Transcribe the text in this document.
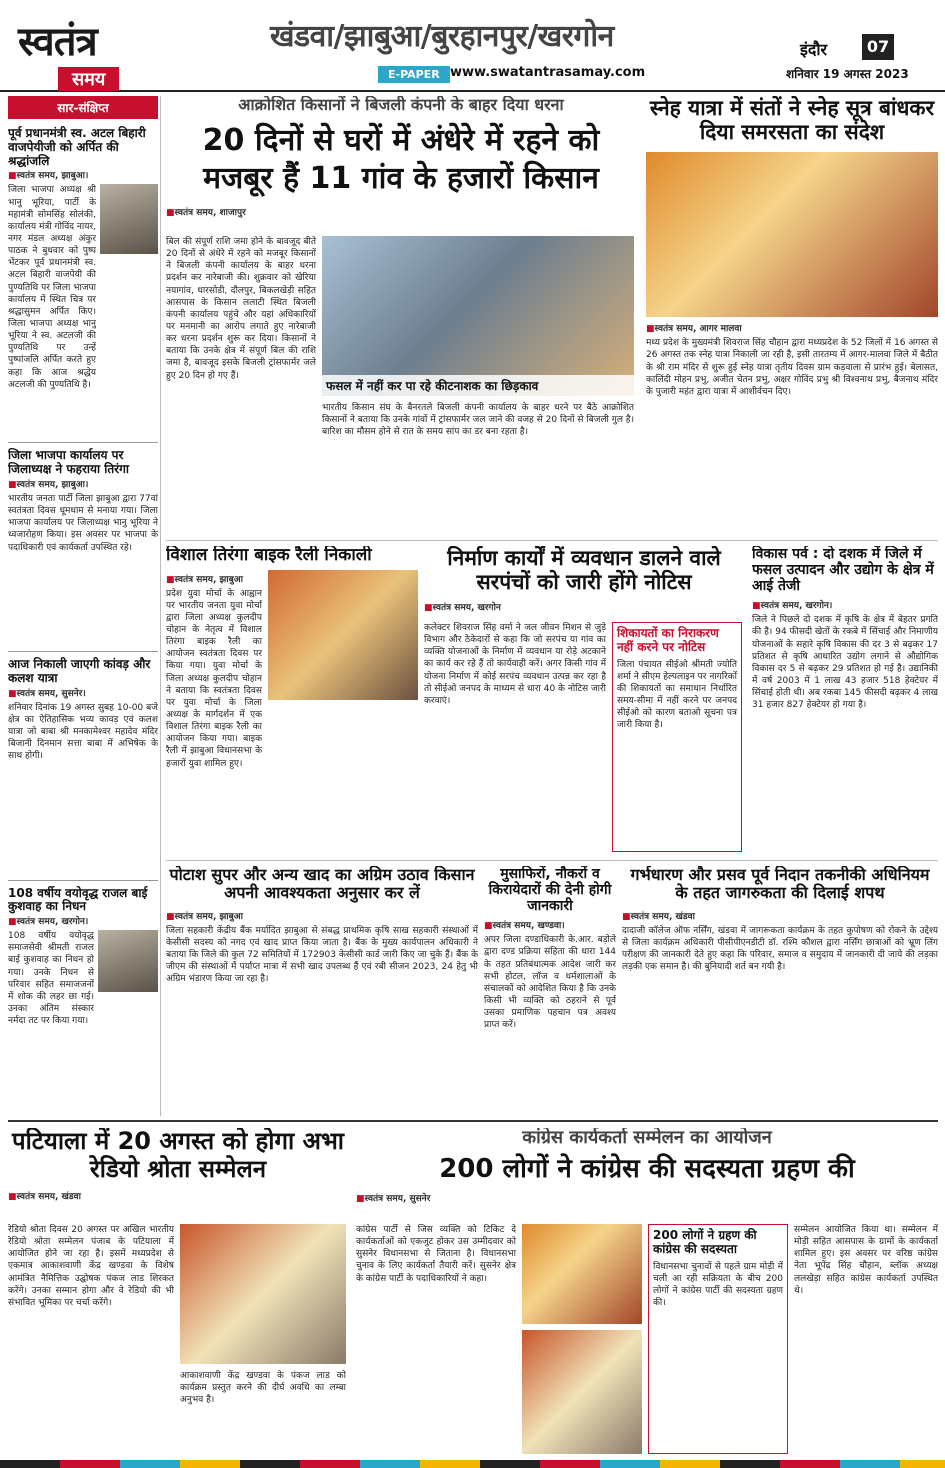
स्वतंत्र
समय
खंडवा/झाबुआ/बुरहानपुर/खरगोन
E-PAPER www.swatantrasamay.com
इंदौर	07
शनिवार 19 अगस्त 2023
सार-संक्षिप्त
पूर्व प्रधानमंत्री स्व. अटल बिहारी वाजपेयीजी को अर्पित की श्रद्धांजलि
■ स्वतंत्र समय, झाबुआ।
जिला भाजपा अध्यक्ष श्री भानु भूरिया, पार्टी के महामंत्री सोमसिंह सोलंकी, कार्यालय मंत्री गोविंद नायर, नगर मंडल अध्यक्ष अंकुर पाठक ने बुधवार को पुष्प भेंटकर पूर्व प्रधानमंत्री स्व. अटल बिहारी वाजपेयी की पुण्यतिथि पर जिला भाजपा कार्यालय में स्थित चित्र पर श्रद्धासुमन अर्पित किए। जिला भाजपा अध्यक्ष भानु भूरिया ने स्व. अटलजी की पुण्यतिथि पर उन्हें पुष्पांजलि अर्पित करते हुए कहा कि आज श्रद्धेय अटलजी की पुण्यतिथि है।
जिला भाजपा कार्यालय पर जिलाध्यक्ष ने फहराया तिरंगा
■ स्वतंत्र समय, झाबुआ।
भारतीय जनता पार्टी जिला झाबुआ द्वारा 77वां स्वतंत्रता दिवस धूमधाम से मनाया गया। जिला भाजपा कार्यालय पर जिलाध्यक्ष भानु भूरिया ने ध्वजारोहण किया। इस अवसर पर भाजपा के पदाधिकारी एवं कार्यकर्ता उपस्थित रहे।
आज निकाली जाएगी कांवड़ और कलश यात्रा
■ स्वतंत्र समय, सुसनेर।
शनिवार दिनांक 19 अगस्त सुबह 10-00 बजे क्षेत्र का ऐतिहासिक भव्य कावड़ एवं कलश यात्रा जो बाबा श्री मनकामेश्वर महादेव मंदिर बिजानी दिनमान सत्ता बाबा में अभिषेक के साथ होगी।
108 वर्षीय वयोवृद्ध राजल बाई कुशवाह का निधन
■ स्वतंत्र समय, खरगोन।
108 वर्षीय वयोवृद्ध समाजसेवी श्रीमती राजल बाई कुशवाह का निधन हो गया। उनके निधन से परिवार सहित समाजजनों में शोक की लहर छा गई। उनका अंतिम संस्कार नर्मदा तट पर किया गया।
आक्रोशित किसानों ने बिजली कंपनी के बाहर दिया धरना
20 दिनों से घरों में अंधेरे में रहने को मजबूर हैं 11 गांव के हजारों किसान
■ स्वतंत्र समय, शाजापुर
बिल की संपूर्ण राशि जमा होने के बावजूद बीते 20 दिनों से अंधेरे में रहने को मजबूर किसानों ने बिजली कंपनी कार्यालय के बाहर धरना प्रदर्शन कर नारेबाजी की। शुक्रवार को खेरिया नयागांव, धारसोडी, दौलपुर, बिकलखेड़ी सहित आसपास के किसान ललाटी स्थित बिजली कंपनी कार्यालय पहुंचे और यहां अधिकारियों पर मनमानी का आरोप लगाते हुए नारेबाजी कर धरना प्रदर्शन शुरू कर दिया। किसानों ने बताया कि उनके क्षेत्र में संपूर्ण बिल की राशि जमा है, बावजूद इसके बिजली ट्रांसफार्मर जले हुए 20 दिन हो गए हैं।
फसल में नहीं कर पा रहे कीटनाशक का छिड़काव
भारतीय किसान संघ के बैनरतले बिजली कंपनी कार्यालय के बाहर धरने पर बैठे आक्रोशित किसानों ने बताया कि उनके गांवों में ट्रांसफार्मर जल जाने की वजह से 20 दिनों से बिजली गुल है। बारिश का मौसम होने से रात के समय सांप का डर बना रहता है।
स्नेह यात्रा में संतों ने स्नेह सूत्र बांधकर दिया समरसता का संदेश
■ स्वतंत्र समय, आगर मालवा
मध्य प्रदेश के मुख्यमंत्री शिवराज सिंह चौहान द्वारा मध्यप्रदेश के 52 जिलों में 16 अगस्त से 26 अगस्त तक स्नेह यात्रा निकाली जा रही है, इसी तारतम्य में आगर-मालवा जिले में बैठीत के श्री राम मंदिर से शुरू हुई स्नेह यात्रा तृतीय दिवस ग्राम कड़वाला से प्रारंभ हुई। बेलासत, कालिंदी मोहन प्रभु, अजीत चेतन प्रभु, अक्षर गोविंद प्रभु श्री विश्वनाथ प्रभु, बैजनाथ मंदिर के पुजारी महंत द्वारा यात्रा में आशीर्वचन दिए।
विशाल तिरंगा बाइक रैली निकाली
■ स्वतंत्र समय, झाबुआ
प्रदेश युवा मोर्चा के आह्वान पर भारतीय जनता युवा मोर्चा द्वारा जिला अध्यक्ष कुलदीप चोहान के नेतृत्व में विशाल तिरंगा बाइक रैली का आयोजन स्वतंत्रता दिवस पर किया गया। युवा मोर्चा के जिला अध्यक्ष कुलदीप चोहान ने बताया कि स्वतंत्रता दिवस पर युवा मोर्चा के जिला अध्यक्ष के मार्गदर्शन में एक विशाल तिरंगा बाइक रैली का आयोजन किया गया। बाइक रैली में झाबुआ विधानसभा के हजारों युवा शामिल हुए।
निर्माण कार्यों में व्यवधान डालने वाले सरपंचों को जारी होंगे नोटिस
■ स्वतंत्र समय, खरगोन
कलेक्टर शिवराज सिंह वर्मा ने जल जीवन मिशन से जुड़े विभाग और ठेकेदारों से कहा कि जो सरपंच या गांव का व्यक्ति योजनाओं के निर्माण में व्यवधान या रोड़े अटकाने का कार्य कर रहे हैं तो कार्यवाही करें। अगर किसी गांव में योजना निर्माण में कोई सरपंच व्यवधान उत्पन्न कर रहा है तो सीईओ जनपद के माध्यम से धारा 40 के नोटिस जारी करवाएं।
शिकायतों का निराकरण नहीं करने पर नोटिस
जिला पंचायत सीईओ श्रीमती ज्योति शर्मा ने सीएम हेल्पलाइन पर नागरिकों की शिकायतों का समाधान निर्धारित समय-सीमा में नहीं करने पर जनपद सीईओ को कारण बताओ सूचना पत्र जारी किया है।
विकास पर्व : दो दशक में जिले में फसल उत्पादन और उद्योग के क्षेत्र में आई तेजी
■ स्वतंत्र समय, खरगोन।
जिले ने पिछले दो दशक में कृषि के क्षेत्र में बेहतर प्रगति की है। 94 फीसदी खेतों के रकबे में सिंचाई और निमाणीय योजनाओं के सहारे कृषि विकास की दर 3 से बढ़कर 17 प्रतिशत से कृषि आधारित उद्योग लगाने से औद्योगिक विकास दर 5 से बढ़कर 29 प्रतिशत हो गई है। उद्यानिकी में वर्ष 2003 में 1 लाख 43 हजार 518 हेक्टेयर में सिंचाई होती थी। अब रकबा 145 फीसदी बढ़कर 4 लाख 31 हजार 827 हेक्टेयर हो गया है।
पोटाश सुपर और अन्य खाद का अग्रिम उठाव किसान अपनी आवश्यकता अनुसार कर लें
■ स्वतंत्र समय, झाबुआ
जिला सहकारी केंद्रीय बैंक मर्यादित झाबुआ से संबद्ध प्राथमिक कृषि साख सहकारी संस्थाओं में केसीसी सदस्य को नगद एवं खाद प्राप्त किया जाता है। बैंक के मुख्य कार्यपालन अधिकारी ने बताया कि जिले की कुल 72 समितियों में 172903 केसीसी कार्ड जारी किए जा चुके हैं। बैंक के जीएम की संस्थाओं में पर्याप्त मात्रा में सभी खाद उपलब्ध हैं एवं रबी सीजन 2023, 24 हेतु भी अग्रिम भंडारण किया जा रहा है।
मुसाफिरों, नौकरों व किरायेदारों की देनी होगी जानकारी
■ स्वतंत्र समय, खण्डवा।
अपर जिला दण्डाधिकारी के.आर. बड़ोले द्वारा दण्ड प्रक्रिया संहिता की धारा 144 के तहत प्रतिबंधात्मक आदेश जारी कर सभी होटल, लॉज व धर्मशालाओं के संचालकों को आदेशित किया है कि उनके किसी भी व्यक्ति को ठहराने से पूर्व उसका प्रमाणिक पहचान पत्र अवश्य प्राप्त करें।
गर्भधारण और प्रसव पूर्व निदान तकनीकी अधिनियम के तहत जागरुकता की दिलाई शपथ
■ स्वतंत्र समय, खंडवा
दादाजी कॉलेज ऑफ नर्सिंग, खंडवा में जागरूकता कार्यक्रम के तहत कुपोषण को रोकने के उद्देश्य से जिला कार्यक्रम अधिकारी पीसीपीएनडीटी डॉ. रश्मि कौशल द्वारा नर्सिंग छात्राओं को भ्रूण लिंग परीक्षण की जानकारी देते हुए कहा कि परिवार, समाज व समुदाय में जानकारी दी जाये की लड़का लड़की एक समान है। की बुनियादी शर्त बन गयी है।
पटियाला में 20 अगस्त को होगा अभा रेडियो श्रोता सम्मेलन
■ स्वतंत्र समय, खंडवा
रेडियो श्रोता दिवस 20 अगस्त पर अखिल भारतीय रेडियो श्रोता सम्मेलन पंजाब के पटियाला में आयोजित होने जा रहा है। इसमें मध्यप्रदेश से एकमात्र आकाशवाणी केंद्र खण्डवा के विशेष आमंत्रित नैमित्तिक उद्घोषक पंकज लाड शिरकत करेंगे। उनका सम्मान होगा और वे रेडियो की भी संभावित भूमिका पर चर्चा करेंगे।
आकाशवाणी केंद्र खण्डवा के पंकज लाड को कार्यक्रम प्रस्तुत करने की दीर्घ अवधि का लम्बा अनुभव है।
कांग्रेस कार्यकर्ता सम्मेलन का आयोजन
200 लोगों ने कांग्रेस की सदस्यता ग्रहण की
■ स्वतंत्र समय, सुसनेर
कांग्रेस पार्टी से जिस व्यक्ति को टिकिट दे कार्यकर्ताओं को एकजुट होकर उस उम्मीदवार को सुसनेर विधानसभा से जिताना है। विधानसभा चुनाव के लिए कार्यकर्ता तैयारी करें। सुसनेर क्षेत्र के कांग्रेस पार्टी के पदाधिकारियों ने कहा।
200 लोगों ने ग्रहण की कांग्रेस की सदस्यता
विधानसभा चुनावों से पहले ग्राम मोड़ी में चली आ रही सक्रियता के बीच 200 लोगों ने कांग्रेस पार्टी की सदस्यता ग्रहण की।
सम्मेलन आयोजित किया था। सम्मेलन में मोड़ी सहित आसपास के ग्रामों के कार्यकर्ता शामिल हुए। इस अवसर पर वरिष्ठ कांग्रेस नेता भूपेंद्र सिंह चौहान, ब्लॉक अध्यक्ष ललखेड़ा सहित कांग्रेस कार्यकर्ता उपस्थित थे।
